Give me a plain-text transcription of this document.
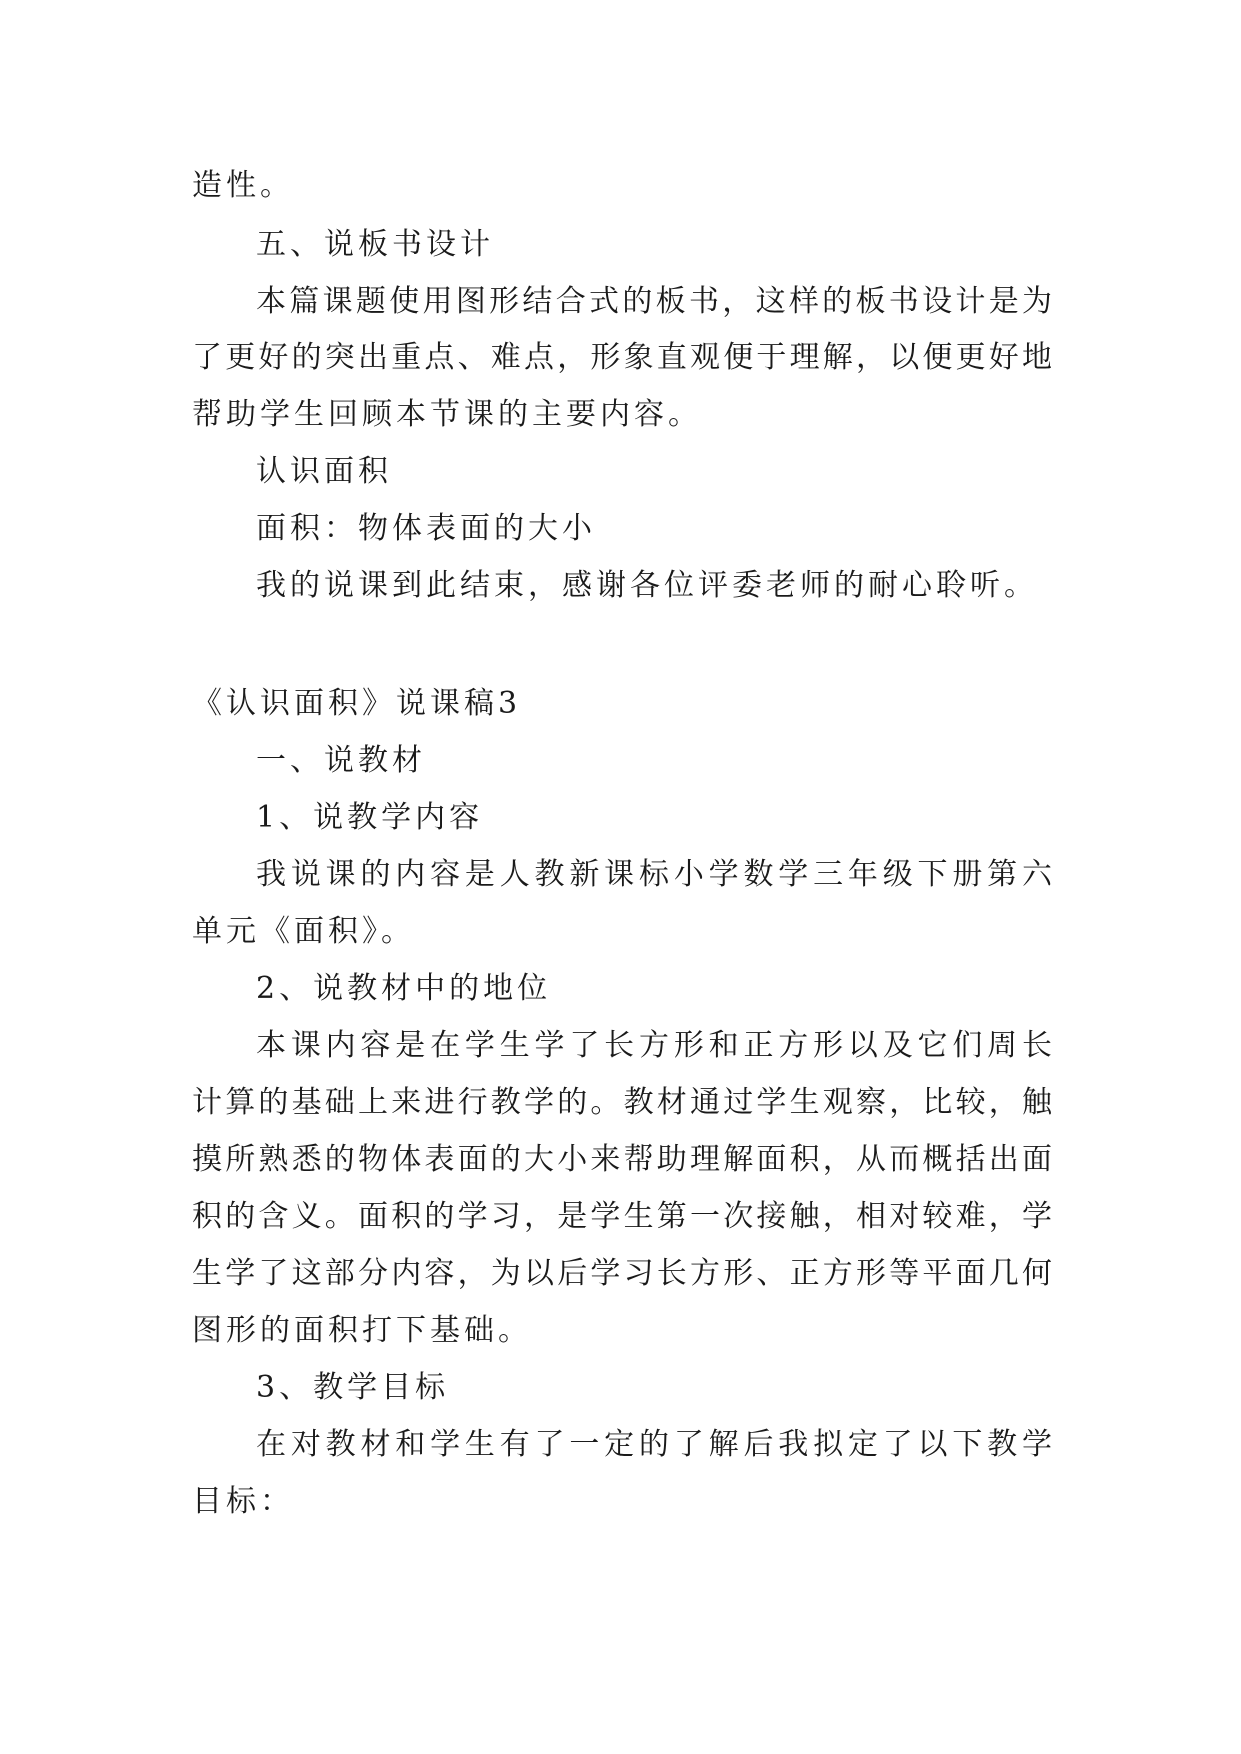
造性。
五、说板书设计
本篇课题使用图形结合式的板书，这样的板书设计是为
了更好的突出重点、难点，形象直观便于理解，以便更好地
帮助学生回顾本节课的主要内容。
认识面积
面积：物体表面的大小
我的说课到此结束，感谢各位评委老师的耐心聆听。
《认识面积》说课稿3
一、说教材
1、说教学内容
我说课的内容是人教新课标小学数学三年级下册第六
单元《面积》。
2、说教材中的地位
本课内容是在学生学了长方形和正方形以及它们周长
计算的基础上来进行教学的。教材通过学生观察，比较，触
摸所熟悉的物体表面的大小来帮助理解面积，从而概括出面
积的含义。面积的学习，是学生第一次接触，相对较难，学
生学了这部分内容，为以后学习长方形、正方形等平面几何
图形的面积打下基础。
3、教学目标
在对教材和学生有了一定的了解后我拟定了以下教学
目标：
